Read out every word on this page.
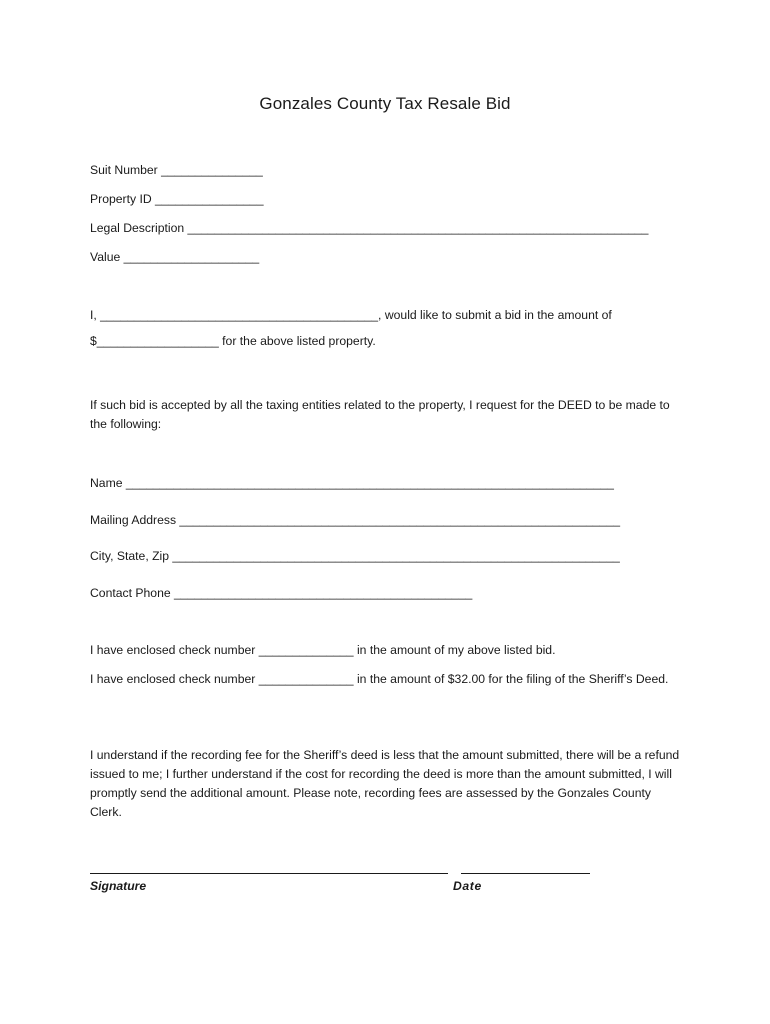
Gonzales County Tax Resale Bid
Suit Number _______________
Property ID ________________
Legal Description ____________________________________________________________________
Value ____________________
I, _________________________________________, would like to submit a bid in the amount of
$__________________ for the above listed property.
If such bid is accepted by all the taxing entities related to the property, I request for the DEED to be made to the following:
Name ________________________________________________________________________
Mailing Address _________________________________________________________________
City, State, Zip __________________________________________________________________
Contact Phone ____________________________________________
I have enclosed check number ______________ in the amount of my above listed bid.
I have enclosed check number ______________ in the amount of $32.00 for the filing of the Sheriff’s Deed.
I understand if the recording fee for the Sheriff’s deed is less that the amount submitted, there will be a refund issued to me; I further understand if the cost for recording the deed is more than the amount submitted, I will promptly send the additional amount. Please note, recording fees are assessed by the Gonzales County Clerk.
Signature	Date
